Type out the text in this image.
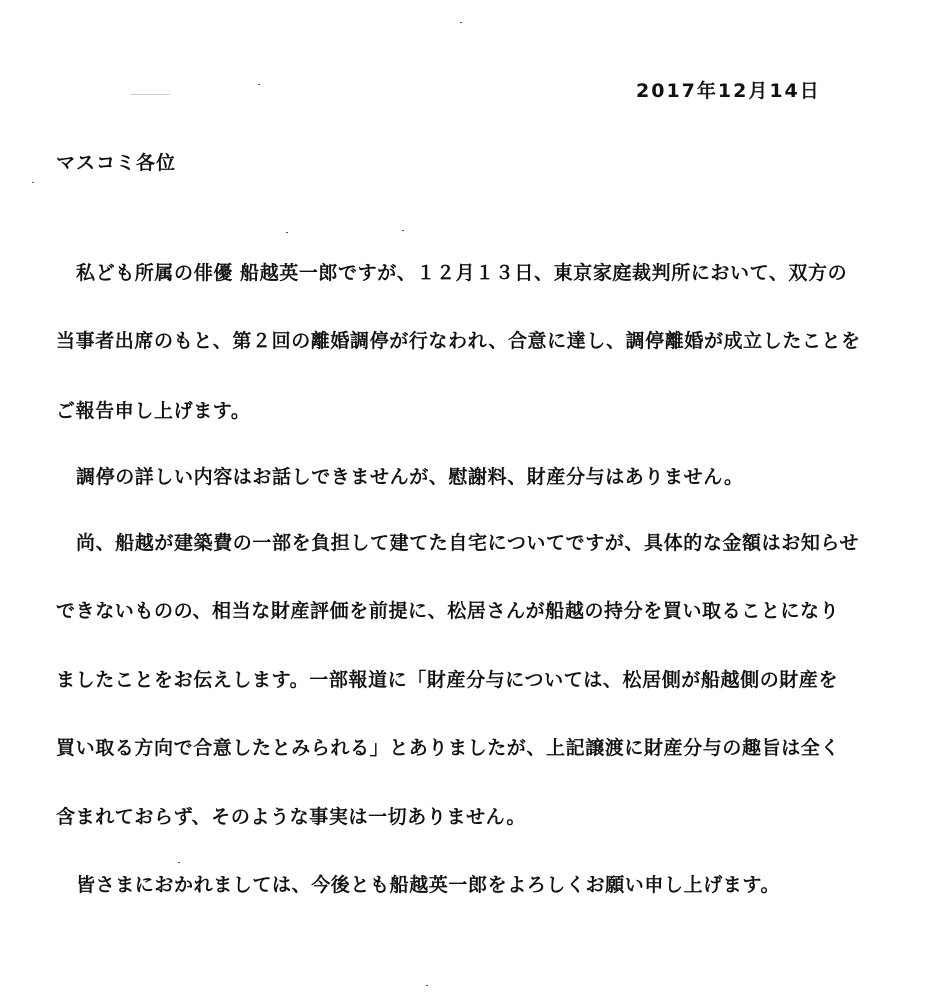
2017年12月14日
マスコミ各位
私ども所属の俳優 船越英一郎ですが、１２月１３日、東京家庭裁判所において、双方の
当事者出席のもと、第２回の離婚調停が行なわれ、合意に達し、調停離婚が成立したことを
ご報告申し上げます。
調停の詳しい内容はお話しできませんが、慰謝料、財産分与はありません。
尚、船越が建築費の一部を負担して建てた自宅についてですが、具体的な金額はお知らせ
できないものの、相当な財産評価を前提に、松居さんが船越の持分を買い取ることになり
ましたことをお伝えします。一部報道に「財産分与については、松居側が船越側の財産を
買い取る方向で合意したとみられる」とありましたが、上記譲渡に財産分与の趣旨は全く
含まれておらず、そのような事実は一切ありません。
皆さまにおかれましては、今後とも船越英一郎をよろしくお願い申し上げます。
